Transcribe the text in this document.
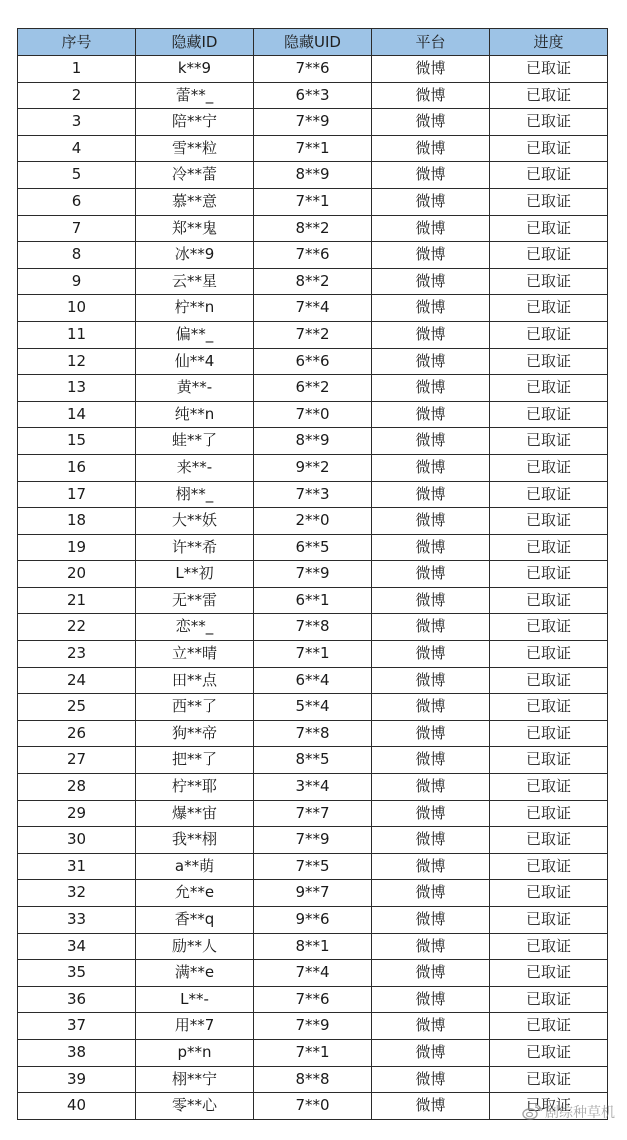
序号	隐藏ID	隐藏UID	平台	进度
1	k**9	7**6	微博	已取证
2	蕾**_	6**3	微博	已取证
3	陪**宁	7**9	微博	已取证
4	雪**粒	7**1	微博	已取证
5	冷**蕾	8**9	微博	已取证
6	慕**意	7**1	微博	已取证
7	郑**鬼	8**2	微博	已取证
8	冰**9	7**6	微博	已取证
9	云**星	8**2	微博	已取证
10	柠**n	7**4	微博	已取证
11	偏**_	7**2	微博	已取证
12	仙**4	6**6	微博	已取证
13	黄**-	6**2	微博	已取证
14	纯**n	7**0	微博	已取证
15	蛙**了	8**9	微博	已取证
16	来**-	9**2	微博	已取证
17	栩**_	7**3	微博	已取证
18	大**妖	2**0	微博	已取证
19	许**希	6**5	微博	已取证
20	L**初	7**9	微博	已取证
21	无**雷	6**1	微博	已取证
22	恋**_	7**8	微博	已取证
23	立**晴	7**1	微博	已取证
24	田**点	6**4	微博	已取证
25	西**了	5**4	微博	已取证
26	狗**帝	7**8	微博	已取证
27	把**了	8**5	微博	已取证
28	柠**耶	3**4	微博	已取证
29	爆**宙	7**7	微博	已取证
30	我**栩	7**9	微博	已取证
31	a**萌	7**5	微博	已取证
32	允**e	9**7	微博	已取证
33	香**q	9**6	微博	已取证
34	励**人	8**1	微博	已取证
35	满**e	7**4	微博	已取证
36	L**-	7**6	微博	已取证
37	用**7	7**9	微博	已取证
38	p**n	7**1	微博	已取证
39	栩**宁	8**8	微博	已取证
40	零**心	7**0	微博	已取证
剧综种草机
